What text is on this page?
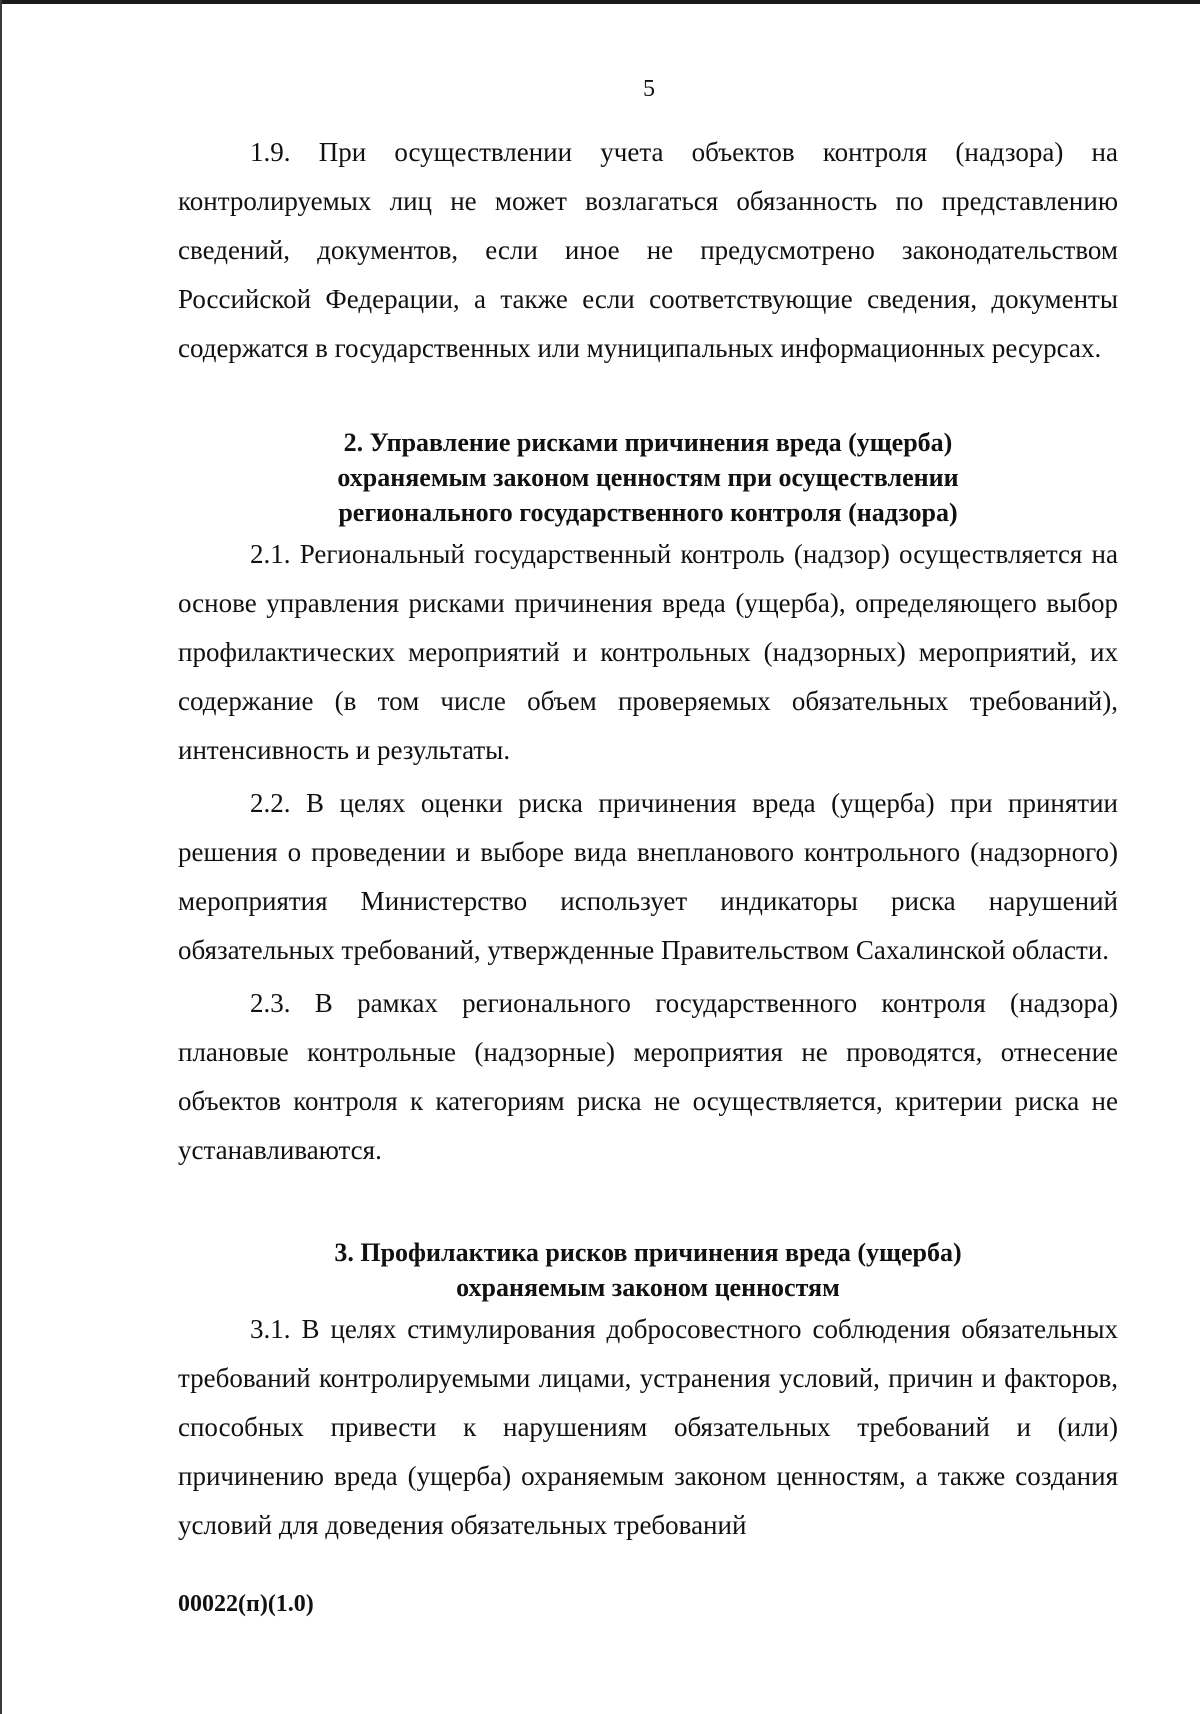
5

1.9. При осуществлении учета объектов контроля (надзора) на контролируемых лиц не может возлагаться обязанность по представлению сведений, документов, если иное не предусмотрено законодательством Российской Федерации, а также если соответствующие сведения, документы содержатся в государственных или муниципальных информационных ресурсах.

2. Управление рисками причинения вреда (ущерба)
охраняемым законом ценностям при осуществлении
регионального государственного контроля (надзора)

2.1. Региональный государственный контроль (надзор) осуществляется на основе управления рисками причинения вреда (ущерба), определяющего выбор профилактических мероприятий и контрольных (надзорных) мероприятий, их содержание (в том числе объем проверяемых обязательных требований), интенсивность и результаты.

2.2. В целях оценки риска причинения вреда (ущерба) при принятии решения о проведении и выборе вида внепланового контрольного (надзорного) мероприятия Министерство использует индикаторы риска нарушений обязательных требований, утвержденные Правительством Сахалинской области.

2.3. В рамках регионального государственного контроля (надзора) плановые контрольные (надзорные) мероприятия не проводятся, отнесение объектов контроля к категориям риска не осуществляется, критерии риска не устанавливаются.

3. Профилактика рисков причинения вреда (ущерба)
охраняемым законом ценностям

3.1. В целях стимулирования добросовестного соблюдения обязательных требований контролируемыми лицами, устранения условий, причин и факторов, способных привести к нарушениям обязательных требований и (или) причинению вреда (ущерба) охраняемым законом ценностям, а также создания условий для доведения обязательных требований

00022(п)(1.0)
